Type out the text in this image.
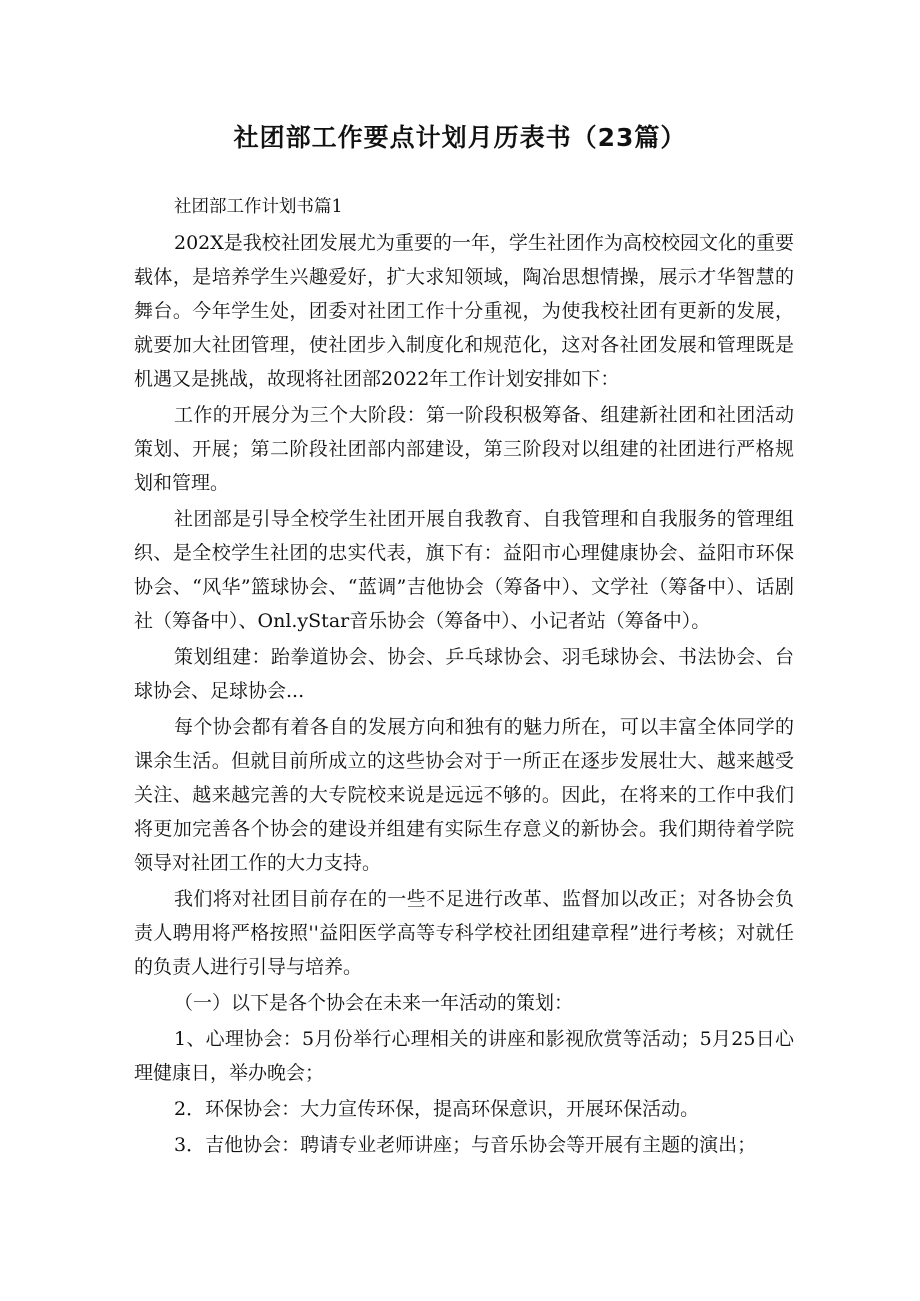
社团部工作要点计划月历表书（23篇）

社团部工作计划书篇1

202X是我校社团发展尤为重要的一年，学生社团作为高校校园文化的重要载体，是培养学生兴趣爱好，扩大求知领域，陶冶思想情操，展示才华智慧的舞台。今年学生处，团委对社团工作十分重视，为使我校社团有更新的发展，就要加大社团管理，使社团步入制度化和规范化，这对各社团发展和管理既是机遇又是挑战，故现将社团部2022年工作计划安排如下：

工作的开展分为三个大阶段：第一阶段积极筹备、组建新社团和社团活动策划、开展；第二阶段社团部内部建设，第三阶段对以组建的社团进行严格规划和管理。

社团部是引导全校学生社团开展自我教育、自我管理和自我服务的管理组织、是全校学生社团的忠实代表，旗下有：益阳市心理健康协会、益阳市环保协会、“风华”篮球协会、“蓝调”吉他协会（筹备中）、文学社（筹备中）、话剧社（筹备中）、Onl.yStar音乐协会（筹备中）、小记者站（筹备中）。

策划组建：跆拳道协会、协会、乒乓球协会、羽毛球协会、书法协会、台球协会、足球协会...

每个协会都有着各自的发展方向和独有的魅力所在，可以丰富全体同学的课余生活。但就目前所成立的这些协会对于一所正在逐步发展壮大、越来越受关注、越来越完善的大专院校来说是远远不够的。因此，在将来的工作中我们将更加完善各个协会的建设并组建有实际生存意义的新协会。我们期待着学院领导对社团工作的大力支持。

我们将对社团目前存在的一些不足进行改革、监督加以改正；对各协会负责人聘用将严格按照''益阳医学高等专科学校社团组建章程”进行考核；对就任的负责人进行引导与培养。

（一）以下是各个协会在未来一年活动的策划：

1、心理协会：5月份举行心理相关的讲座和影视欣赏等活动；5月25日心理健康日，举办晚会；

2．环保协会：大力宣传环保，提高环保意识，开展环保活动。

3．吉他协会：聘请专业老师讲座；与音乐协会等开展有主题的演出；
